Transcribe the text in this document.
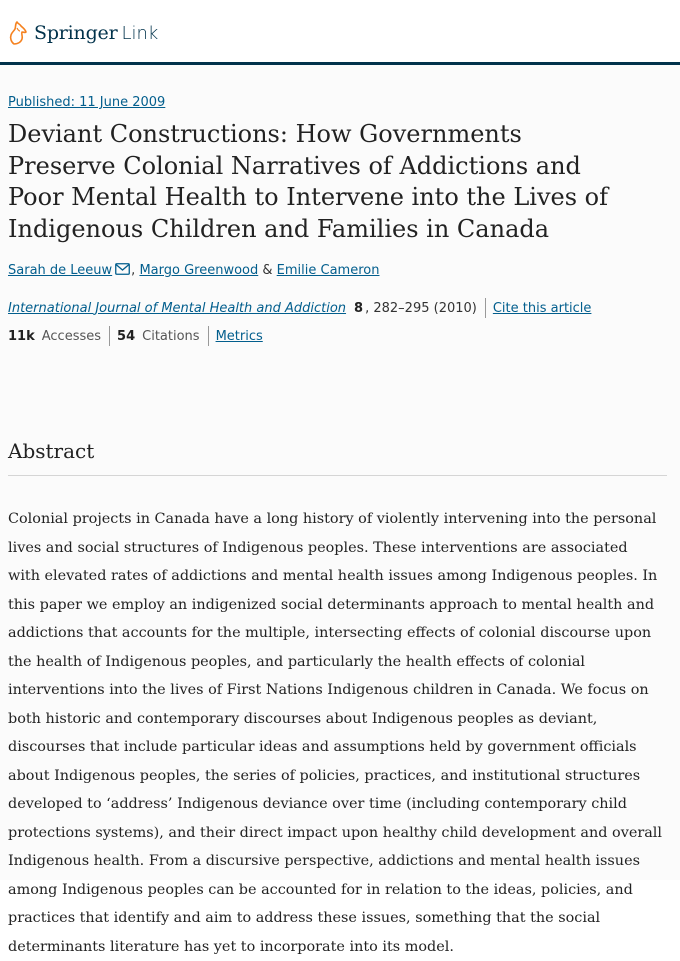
Springer Link
Published: 11 June 2009
Deviant Constructions: How Governments Preserve Colonial Narratives of Addictions and Poor Mental Health to Intervene into the Lives of Indigenous Children and Families in Canada
Sarah de Leeuw , Margo Greenwood & Emilie Cameron
International Journal of Mental Health and Addiction 8 , 282–295 (2010) Cite this article
11k Accesses 54 Citations Metrics
Abstract

Colonial projects in Canada have a long history of violently intervening into the personal lives and social structures of Indigenous peoples. These interventions are associated with elevated rates of addictions and mental health issues among Indigenous peoples. In this paper we employ an indigenized social determinants approach to mental health and addictions that accounts for the multiple, intersecting effects of colonial discourse upon the health of Indigenous peoples, and particularly the health effects of colonial interventions into the lives of First Nations Indigenous children in Canada. We focus on both historic and contemporary discourses about Indigenous peoples as deviant, discourses that include particular ideas and assumptions held by government officials about Indigenous peoples, the series of policies, practices, and institutional structures developed to ‘address’ Indigenous deviance over time (including contemporary child protections systems), and their direct impact upon healthy child development and overall Indigenous health. From a discursive perspective, addictions and mental health issues among Indigenous peoples can be accounted for in relation to the ideas, policies, and practices that identify and aim to address these issues, something that the social determinants literature has yet to incorporate into its model.
